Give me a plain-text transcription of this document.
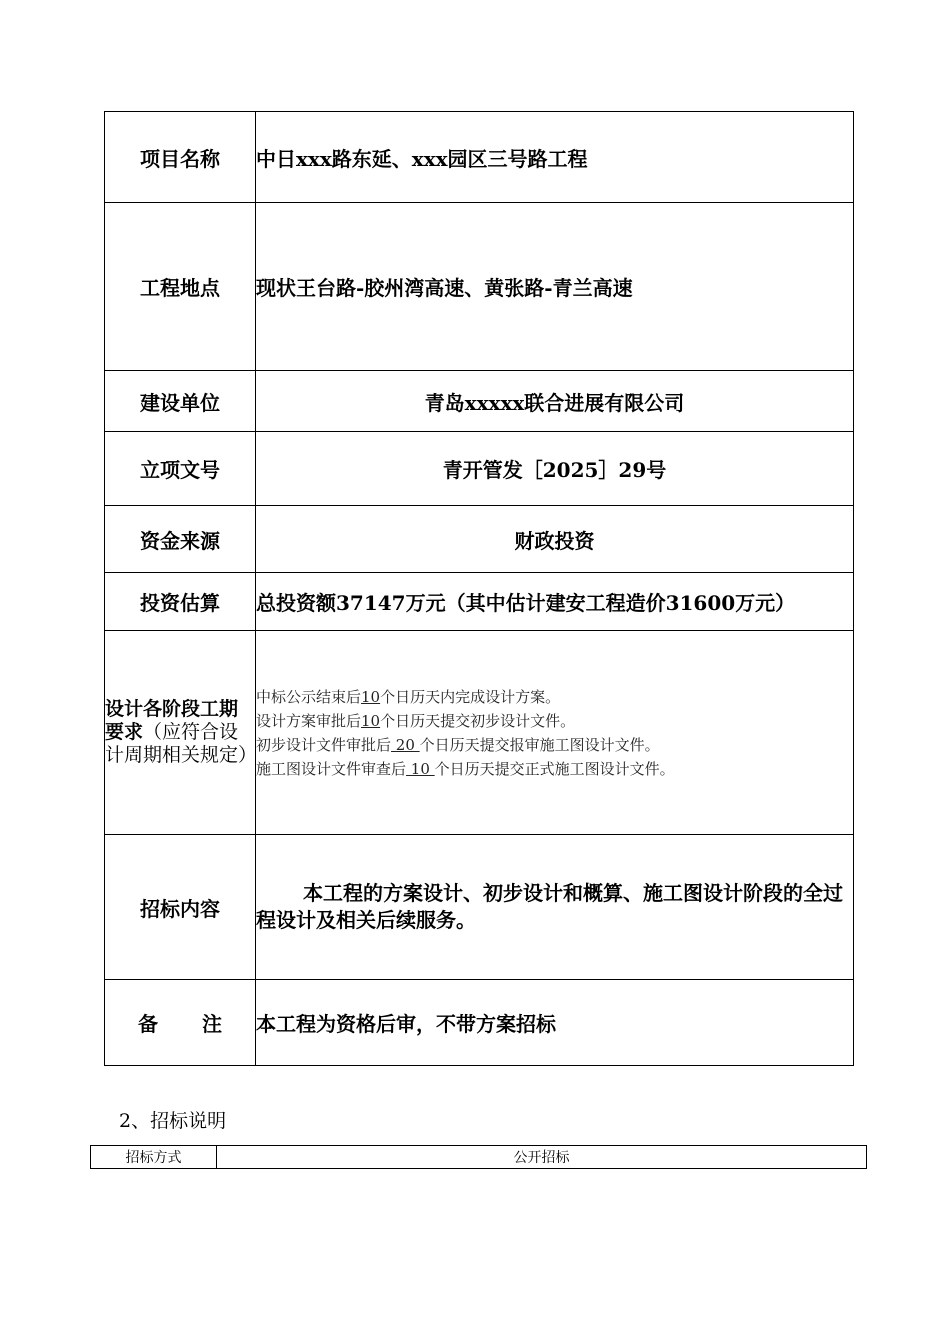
项目名称	中日xxx路东延、xxx园区三号路工程
工程地点	现状王台路-胶州湾高速、黄张路-青兰高速
建设单位	青岛xxxxx联合进展有限公司
立项文号	青开管发［2025］29号
资金来源	财政投资
投资估算	总投资额37147万元（其中估计建安工程造价31600万元）
设计各阶段工期要求（应符合设计周期相关规定）	中标公示结束后10个日历天内完成设计方案。
设计方案审批后10个日历天提交初步设计文件。
初步设计文件审批后 20 个日历天提交报审施工图设计文件。
施工图设计文件审查后 10 个日历天提交正式施工图设计文件。

招标内容	本工程的方案设计、初步设计和概算、施工图设计阶段的全过程设计及相关后续服务。
备 注	本工程为资格后审，不带方案招标
2、招标说明
招标方式	公开招标
